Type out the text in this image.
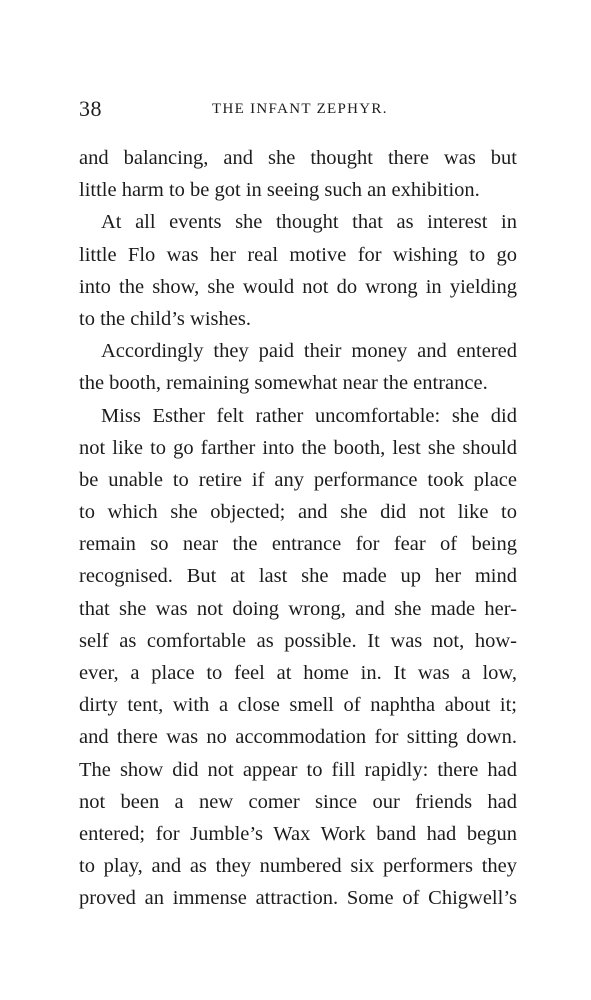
38	THE INFANT ZEPHYR.
and balancing, and she thought there was but
little harm to be got in seeing such an exhibition.
At all events she thought that as interest in
little Flo was her real motive for wishing to go
into the show, she would not do wrong in yielding
to the child’s wishes.
Accordingly they paid their money and entered
the booth, remaining somewhat near the entrance.
Miss Esther felt rather uncomfortable: she did
not like to go farther into the booth, lest she should
be unable to retire if any performance took place
to which she objected; and she did not like to
remain so near the entrance for fear of being
recognised. But at last she made up her mind
that she was not doing wrong, and she made her-
self as comfortable as possible. It was not, how-
ever, a place to feel at home in. It was a low,
dirty tent, with a close smell of naphtha about it;
and there was no accommodation for sitting down.
The show did not appear to fill rapidly: there had
not been a new comer since our friends had
entered; for Jumble’s Wax Work band had begun
to play, and as they numbered six performers they
proved an immense attraction. Some of Chigwell’s
